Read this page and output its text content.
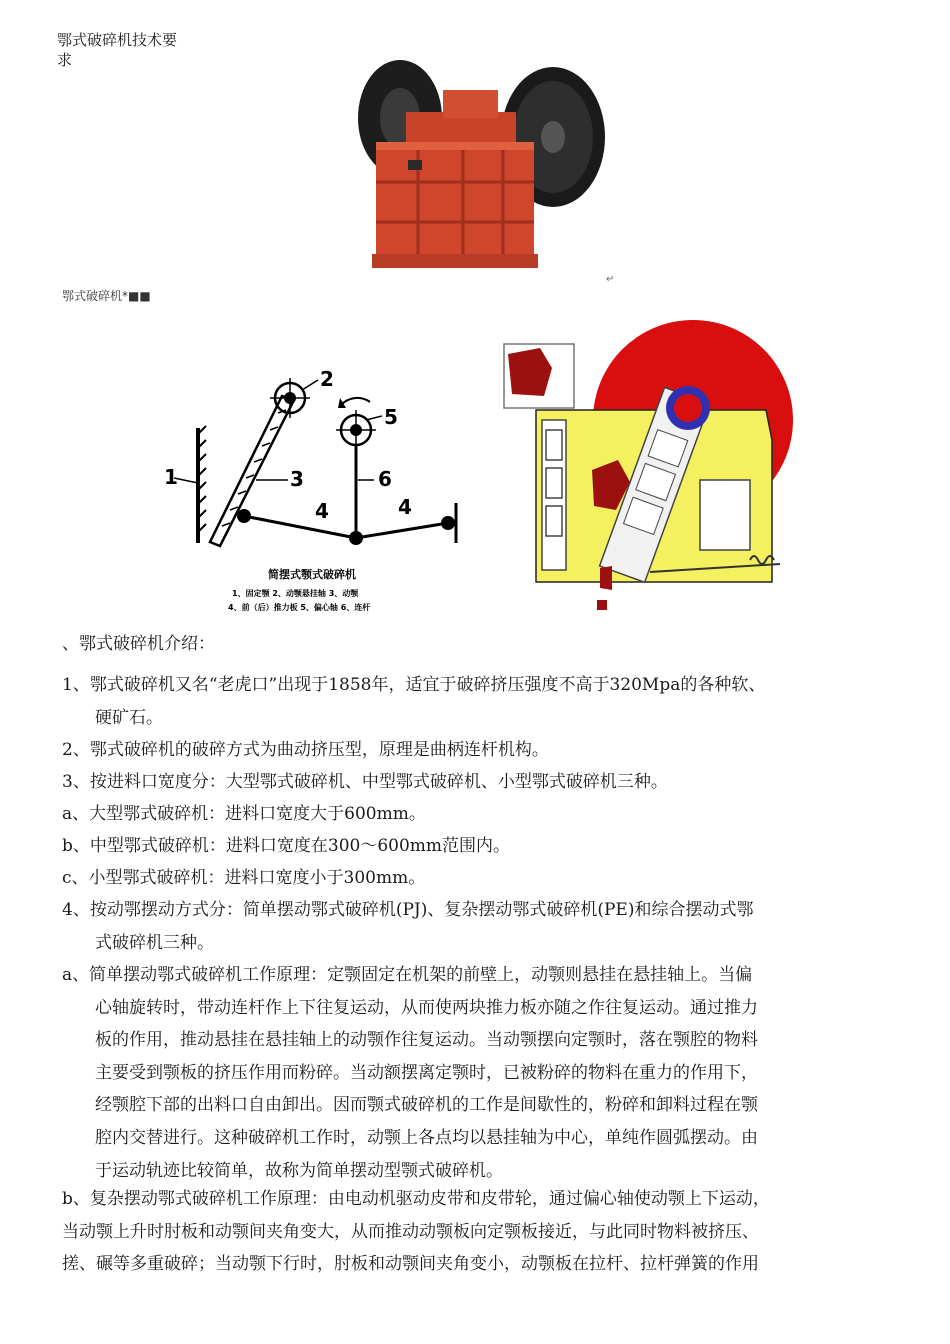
鄂式破碎机技术要
求
↵
鄂式破碎机*■■
1
2
3
4	4
5
6
简摆式颚式破碎机
1、固定颚 2、动颚悬挂轴 3、动颚
4、前（后）推力板 5、偏心轴 6、连杆
、鄂式破碎机介绍：
1、鄂式破碎机又名“老虎口”出现于1858年，适宜于破碎挤压强度不高于320Mpa的各种软、
硬矿石。
2、鄂式破碎机的破碎方式为曲动挤压型，原理是曲柄连杆机构。
3、按进料口宽度分：大型鄂式破碎机、中型鄂式破碎机、小型鄂式破碎机三种。
a、大型鄂式破碎机：进料口宽度大于600mm。
b、中型鄂式破碎机：进料口宽度在300〜600mm范围内。
c、小型鄂式破碎机：进料口宽度小于300mm。
4、按动鄂摆动方式分：简单摆动鄂式破碎机(PJ)、复杂摆动鄂式破碎机(PE)和综合摆动式鄂
式破碎机三种。
a、简单摆动鄂式破碎机工作原理：定颚固定在机架的前壁上，动颚则悬挂在悬挂轴上。当偏
心轴旋转时，带动连杆作上下往复运动，从而使两块推力板亦随之作往复运动。通过推力
板的作用，推动悬挂在悬挂轴上的动颚作往复运动。当动颚摆向定颚时，落在颚腔的物料
主要受到颚板的挤压作用而粉碎。当动额摆离定颚时，已被粉碎的物料在重力的作用下，
经颚腔下部的出料口自由卸出。因而颚式破碎机的工作是间歇性的，粉碎和卸料过程在颚
腔内交替进行。这种破碎机工作时，动颚上各点均以悬挂轴为中心，单纯作圆弧摆动。由
于运动轨迹比较简单，故称为简单摆动型颚式破碎机。
b、复杂摆动鄂式破碎机工作原理：由电动机驱动皮带和皮带轮，通过偏心轴使动颚上下运动，
当动颚上升时肘板和动颚间夹角变大，从而推动动颚板向定颚板接近，与此同时物料被挤压、
搓、碾等多重破碎；当动颚下行时，肘板和动颚间夹角变小，动颚板在拉杆、拉杆弹簧的作用
